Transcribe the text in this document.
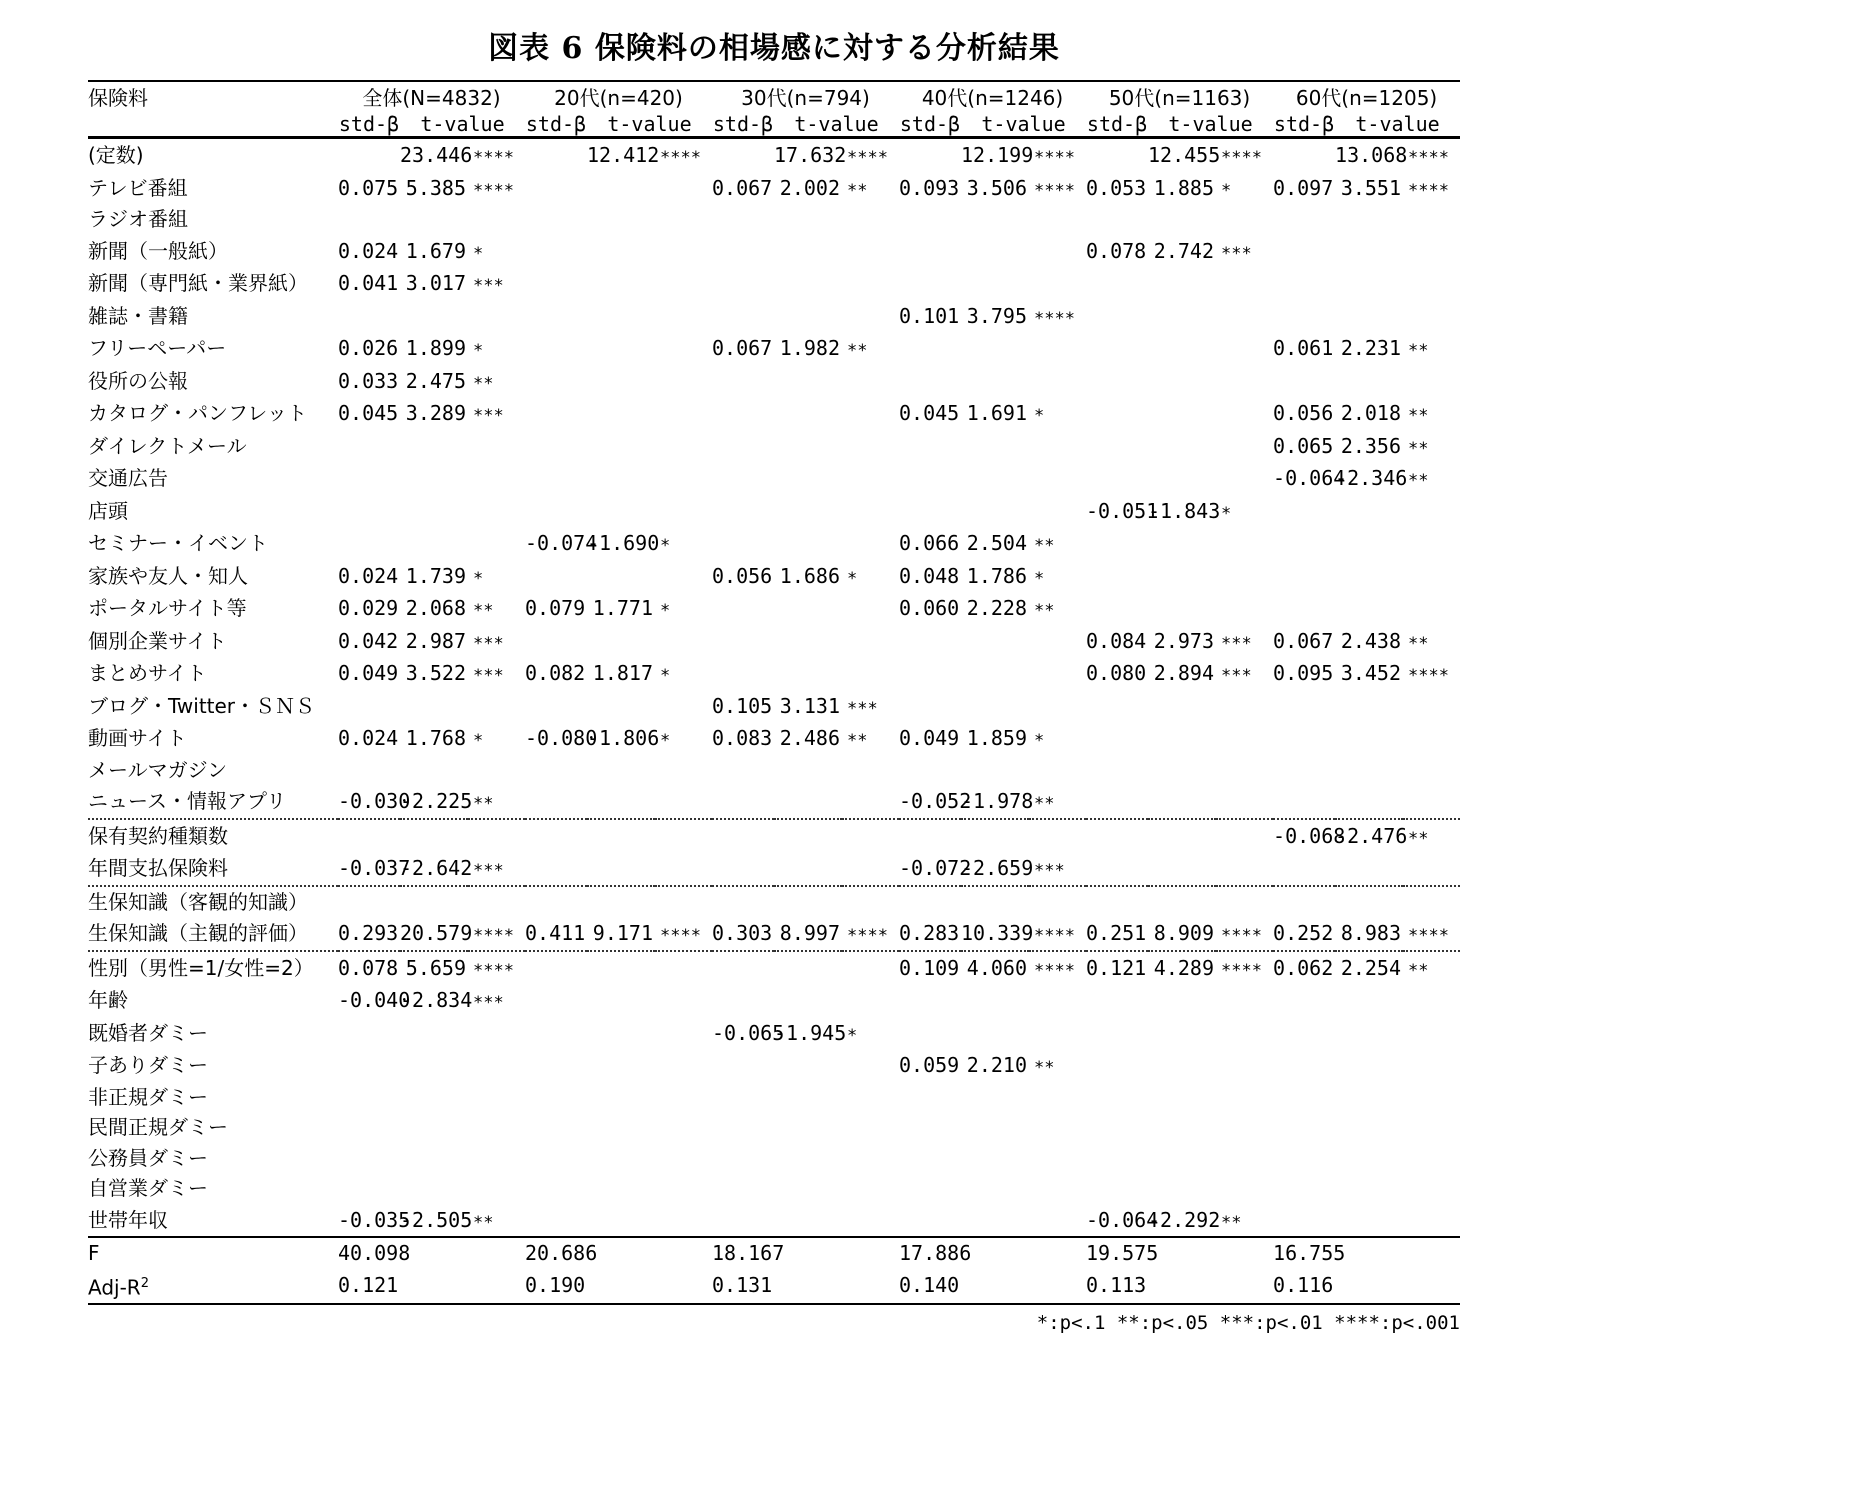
図表 6 保険料の相場感に対する分析結果
保険料	全体(N=4832)			20代(n=420)			30代(n=794)			40代(n=1246)			50代(n=1163)			60代(n=1205)		
	std-β	t-value		std-β	t-value		std-β	t-value		std-β	t-value		std-β	t-value		std-β	t-value	
(定数)		23.446	****		12.412	****		17.632	****		12.199	****		12.455	****		13.068	****
テレビ番組	0.075	5.385	****				0.067	2.002	**	0.093	3.506	****	0.053	1.885	*	0.097	3.551	****
ラジオ番組																		
新聞（一般紙）	0.024	1.679	*										0.078	2.742	***			
新聞（専門紙・業界紙）	0.041	3.017	***															
雑誌・書籍										0.101	3.795	****						
フリーペーパー	0.026	1.899	*				0.067	1.982	**							0.061	2.231	**
役所の公報	0.033	2.475	**															
カタログ・パンフレット	0.045	3.289	***							0.045	1.691	*				0.056	2.018	**
ダイレクトメール																0.065	2.356	**
交通広告																-0.064	-2.346	**
店頭													-0.051	-1.843	*			
セミナー・イベント				-0.074	-1.690	*				0.066	2.504	**						
家族や友人・知人	0.024	1.739	*				0.056	1.686	*	0.048	1.786	*						
ポータルサイト等	0.029	2.068	**	0.079	1.771	*				0.060	2.228	**						
個別企業サイト	0.042	2.987	***										0.084	2.973	***	0.067	2.438	**
まとめサイト	0.049	3.522	***	0.082	1.817	*							0.080	2.894	***	0.095	3.452	****
ブログ・Twitter・ＳＮＳ							0.105	3.131	***									
動画サイト	0.024	1.768	*	-0.080	-1.806	*	0.083	2.486	**	0.049	1.859	*						
メールマガジン																		
ニュース・情報アプリ	-0.030	-2.225	**							-0.052	-1.978	**						
保有契約種類数																-0.068	-2.476	**
年間支払保険料	-0.037	-2.642	***							-0.072	-2.659	***						
生保知識（客観的知識）																		
生保知識（主観的評価）	0.293	20.579	****	0.411	9.171	****	0.303	8.997	****	0.283	10.339	****	0.251	8.909	****	0.252	8.983	****
性別（男性=1/女性=2）	0.078	5.659	****							0.109	4.060	****	0.121	4.289	****	0.062	2.254	**
年齢	-0.040	-2.834	***															
既婚者ダミー							-0.065	-1.945	*									
子ありダミー										0.059	2.210	**						
非正規ダミー																		
民間正規ダミー																		
公務員ダミー																		
自営業ダミー																		
世帯年収	-0.035	-2.505	**										-0.064	-2.292	**			
F	40.098			20.686			18.167			17.886			19.575			16.755		
Adj-$R^2$	0.121			0.190			0.131			0.140			0.113			0.116		
*:p<.1 **:p<.05 ***:p<.01 ****:p<.001
